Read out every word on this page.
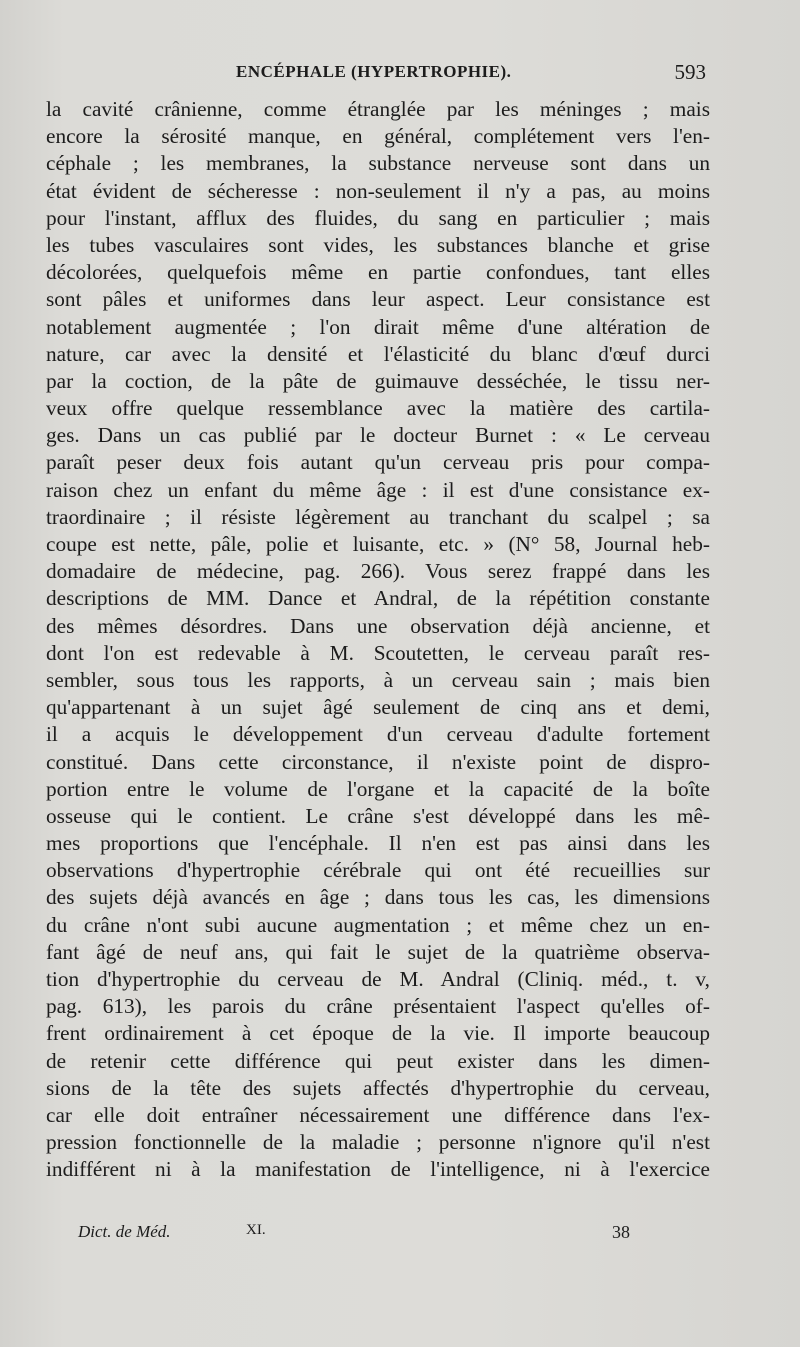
ENCÉPHALE (HYPERTROPHIE).	593
la cavité crânienne, comme étranglée par les méninges ; mais
encore la sérosité manque, en général, complétement vers l'en-
céphale ; les membranes, la substance nerveuse sont dans un
état évident de sécheresse : non-seulement il n'y a pas, au moins
pour l'instant, afflux des fluides, du sang en particulier ; mais
les tubes vasculaires sont vides, les substances blanche et grise
décolorées, quelquefois même en partie confondues, tant elles
sont pâles et uniformes dans leur aspect. Leur consistance est
notablement augmentée ; l'on dirait même d'une altération de
nature, car avec la densité et l'élasticité du blanc d'œuf durci
par la coction, de la pâte de guimauve desséchée, le tissu ner-
veux offre quelque ressemblance avec la matière des cartila-
ges. Dans un cas publié par le docteur Burnet : « Le cerveau
paraît peser deux fois autant qu'un cerveau pris pour compa-
raison chez un enfant du même âge : il est d'une consistance ex-
traordinaire ; il résiste légèrement au tranchant du scalpel ; sa
coupe est nette, pâle, polie et luisante, etc. » (N° 58, Journal heb-
domadaire de médecine, pag. 266). Vous serez frappé dans les
descriptions de MM. Dance et Andral, de la répétition constante
des mêmes désordres. Dans une observation déjà ancienne, et
dont l'on est redevable à M. Scoutetten, le cerveau paraît res-
sembler, sous tous les rapports, à un cerveau sain ; mais bien
qu'appartenant à un sujet âgé seulement de cinq ans et demi,
il a acquis le développement d'un cerveau d'adulte fortement
constitué. Dans cette circonstance, il n'existe point de dispro-
portion entre le volume de l'organe et la capacité de la boîte
osseuse qui le contient. Le crâne s'est développé dans les mê-
mes proportions que l'encéphale. Il n'en est pas ainsi dans les
observations d'hypertrophie cérébrale qui ont été recueillies sur
des sujets déjà avancés en âge ; dans tous les cas, les dimensions
du crâne n'ont subi aucune augmentation ; et même chez un en-
fant âgé de neuf ans, qui fait le sujet de la quatrième observa-
tion d'hypertrophie du cerveau de M. Andral (Cliniq. méd., t. v,
pag. 613), les parois du crâne présentaient l'aspect qu'elles of-
frent ordinairement à cet époque de la vie. Il importe beaucoup
de retenir cette différence qui peut exister dans les dimen-
sions de la tête des sujets affectés d'hypertrophie du cerveau,
car elle doit entraîner nécessairement une différence dans l'ex-
pression fonctionnelle de la maladie ; personne n'ignore qu'il n'est
indifférent ni à la manifestation de l'intelligence, ni à l'exercice
Dict. de Méd.	XI.	38
